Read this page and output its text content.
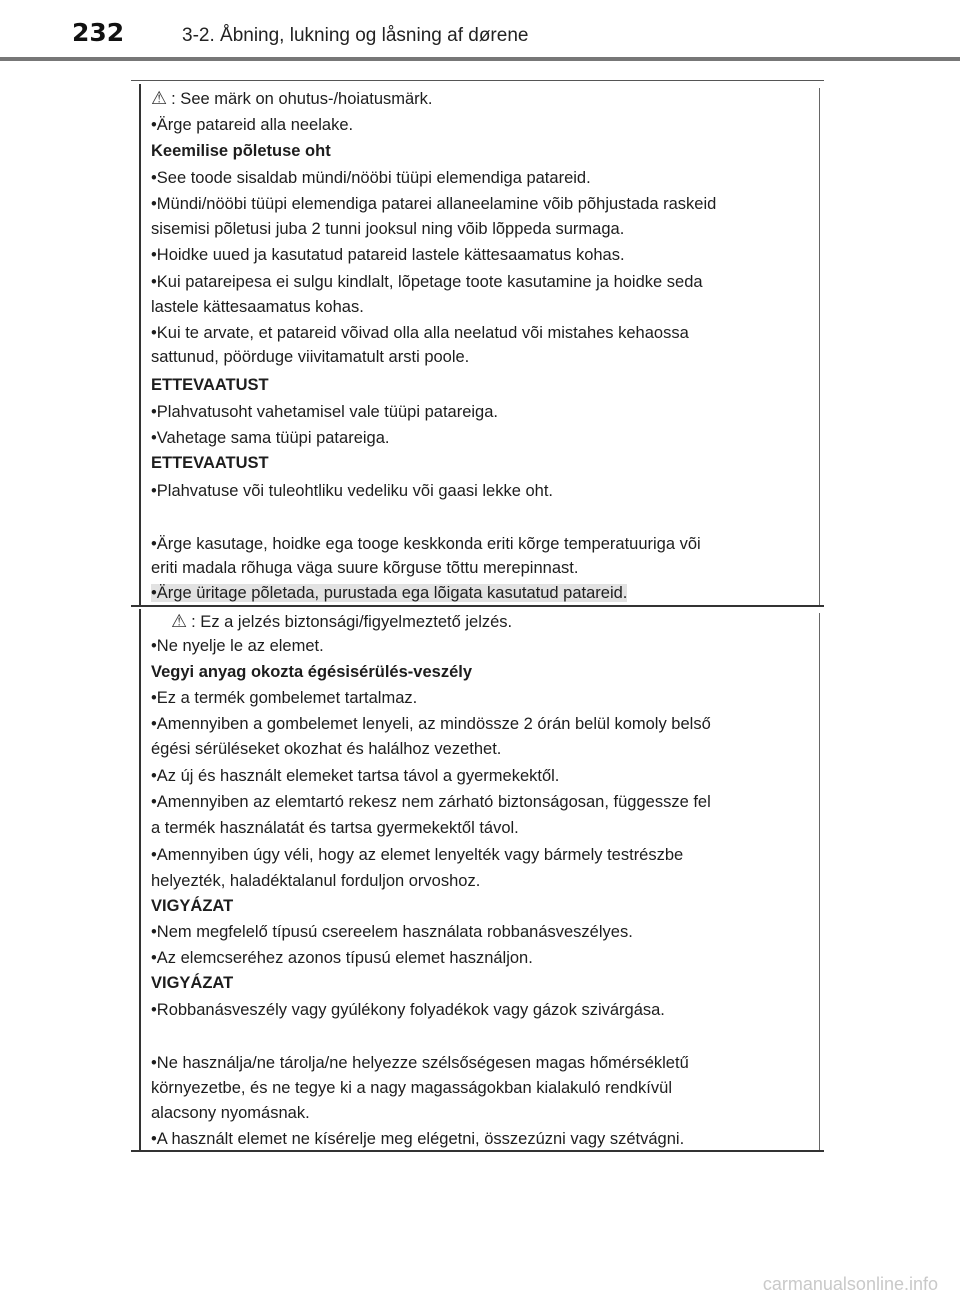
232	3-2. Åbning, lukning og låsning af dørene
⚠ : See märk on ohutus-/hoiatusmärk.
•Ärge patareid alla neelake.
Keemilise põletuse oht
•See toode sisaldab mündi/nööbi tüüpi elemendiga patareid.
•Mündi/nööbi tüüpi elemendiga patarei allaneelamine võib põhjustada raskeid
sisemisi põletusi juba 2 tunni jooksul ning võib lõppeda surmaga.
•Hoidke uued ja kasutatud patareid lastele kättesaamatus kohas.
•Kui patareipesa ei sulgu kindlalt, lõpetage toote kasutamine ja hoidke seda
lastele kättesaamatus kohas.
•Kui te arvate, et patareid võivad olla alla neelatud või mistahes kehaossa
sattunud, pöörduge viivitamatult arsti poole.
ETTEVAATUST
•Plahvatusoht vahetamisel vale tüüpi patareiga.
•Vahetage sama tüüpi patareiga.
ETTEVAATUST
•Plahvatuse või tuleohtliku vedeliku või gaasi lekke oht.
•Ärge kasutage, hoidke ega tooge keskkonda eriti kõrge temperatuuriga või
eriti madala rõhuga väga suure kõrguse tõttu merepinnast.
•Ärge üritage põletada, purustada ega lõigata kasutatud patareid.
⚠ : Ez a jelzés biztonsági/figyelmeztető jelzés.
•Ne nyelje le az elemet.
Vegyi anyag okozta égésisérülés-veszély
•Ez a termék gombelemet tartalmaz.
•Amennyiben a gombelemet lenyeli, az mindössze 2 órán belül komoly belső
égési sérüléseket okozhat és halálhoz vezethet.
•Az új és használt elemeket tartsa távol a gyermekektől.
•Amennyiben az elemtartó rekesz nem zárható biztonságosan, függessze fel
a termék használatát és tartsa gyermekektől távol.
•Amennyiben úgy véli, hogy az elemet lenyelték vagy bármely testrészbe
helyezték, haladéktalanul forduljon orvoshoz.
VIGYÁZAT
•Nem megfelelő típusú csereelem használata robbanásveszélyes.
•Az elemcseréhez azonos típusú elemet használjon.
VIGYÁZAT
•Robbanásveszély vagy gyúlékony folyadékok vagy gázok szivárgása.
•Ne használja/ne tárolja/ne helyezze szélsőségesen magas hőmérsékletű
környezetbe, és ne tegye ki a nagy magasságokban kialakuló rendkívül
alacsony nyomásnak.
•A használt elemet ne kísérelje meg elégetni, összezúzni vagy szétvágni.
carmanualsonline.info
